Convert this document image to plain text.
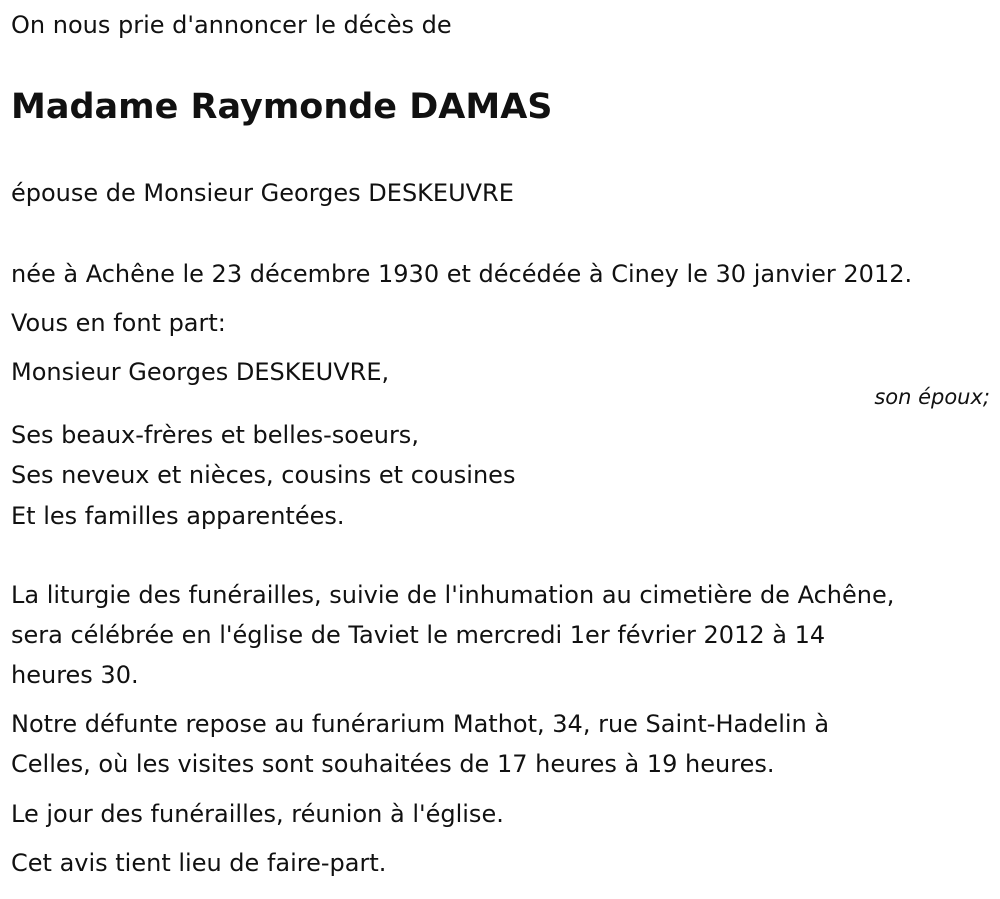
On nous prie d'annoncer le décès de
Madame Raymonde DAMAS
épouse de Monsieur Georges DESKEUVRE
née à Achêne le 23 décembre 1930 et décédée à Ciney le 30 janvier 2012.
Vous en font part:
Monsieur Georges DESKEUVRE,
son époux;
Ses beaux-frères et belles-soeurs,
Ses neveux et nièces, cousins et cousines
Et les familles apparentées.
La liturgie des funérailles, suivie de l'inhumation au cimetière de Achêne,
sera célébrée en l'église de Taviet le mercredi 1er février 2012 à 14
heures 30.
Notre défunte repose au funérarium Mathot, 34, rue Saint-Hadelin à
Celles, où les visites sont souhaitées de 17 heures à 19 heures.
Le jour des funérailles, réunion à l'église.
Cet avis tient lieu de faire-part.
